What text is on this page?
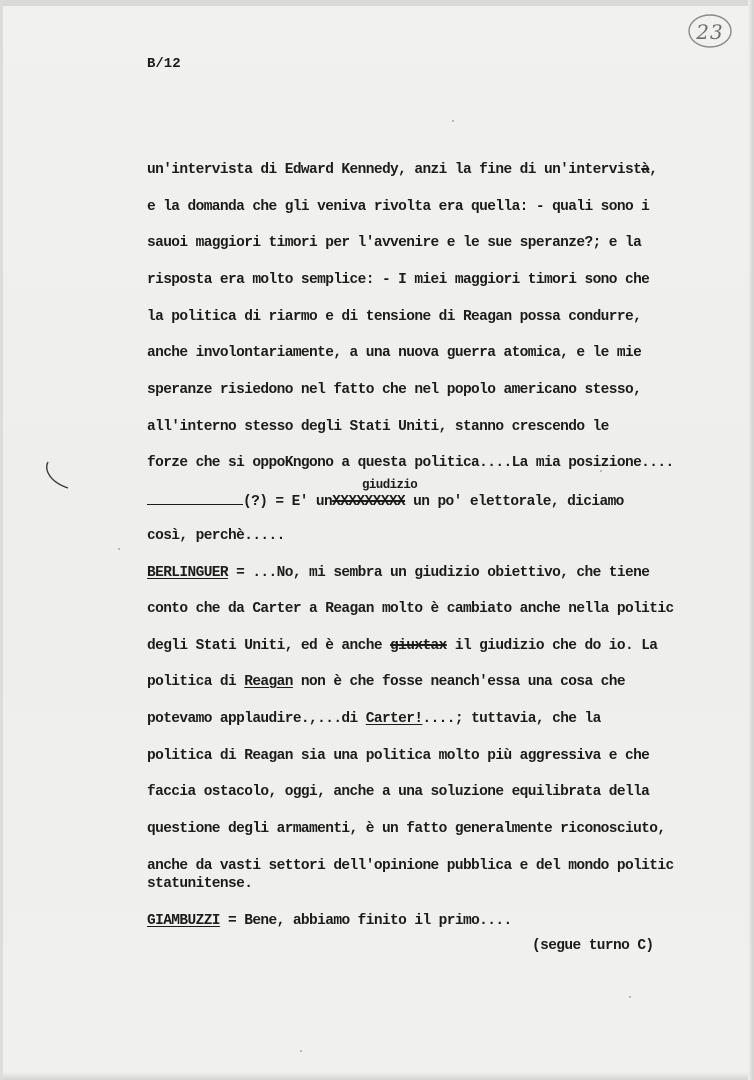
23
B/12
un'intervista di Edward Kennedy, anzi la fine di un'intervistà,
e la domanda che gli veniva rivolta era quella: - quali sono i
sauoi maggiori timori per l'avvenire e le sue speranze?; e la
risposta era molto semplice: - I miei maggiori timori sono che
la politica di riarmo e di tensione di Reagan possa condurre,
anche involontariamente, a una nuova guerra atomica, e le mie
speranze risiedono nel fatto che nel popolo americano stesso,
all'interno stesso degli Stati Uniti, stanno crescendo le
forze che si oppoKngono a questa politica....La mia posizione....
giudizio
(?) = E' unXXXXXXXXX un po' elettorale, diciamo
così, perchè.....
BERLINGUER = ...No, mi sembra un giudizio obiettivo, che tiene
conto che da Carter a Reagan molto è cambiato anche nella politic
degli Stati Uniti, ed è anche giuxtax il giudizio che do io. La
politica di Reagan non è che fosse neanch'essa una cosa che
potevamo applaudire.,...di Carter!....; tuttavia, che la
politica di Reagan sia una politica molto più aggressiva e che
faccia ostacolo, oggi, anche a una soluzione equilibrata della
questione degli armamenti, è un fatto generalmente riconosciuto,
anche da vasti settori dell'opinione pubblica e del mondo politic
statunitense.
GIAMBUZZI = Bene, abbiamo finito il primo....
(segue turno C)
